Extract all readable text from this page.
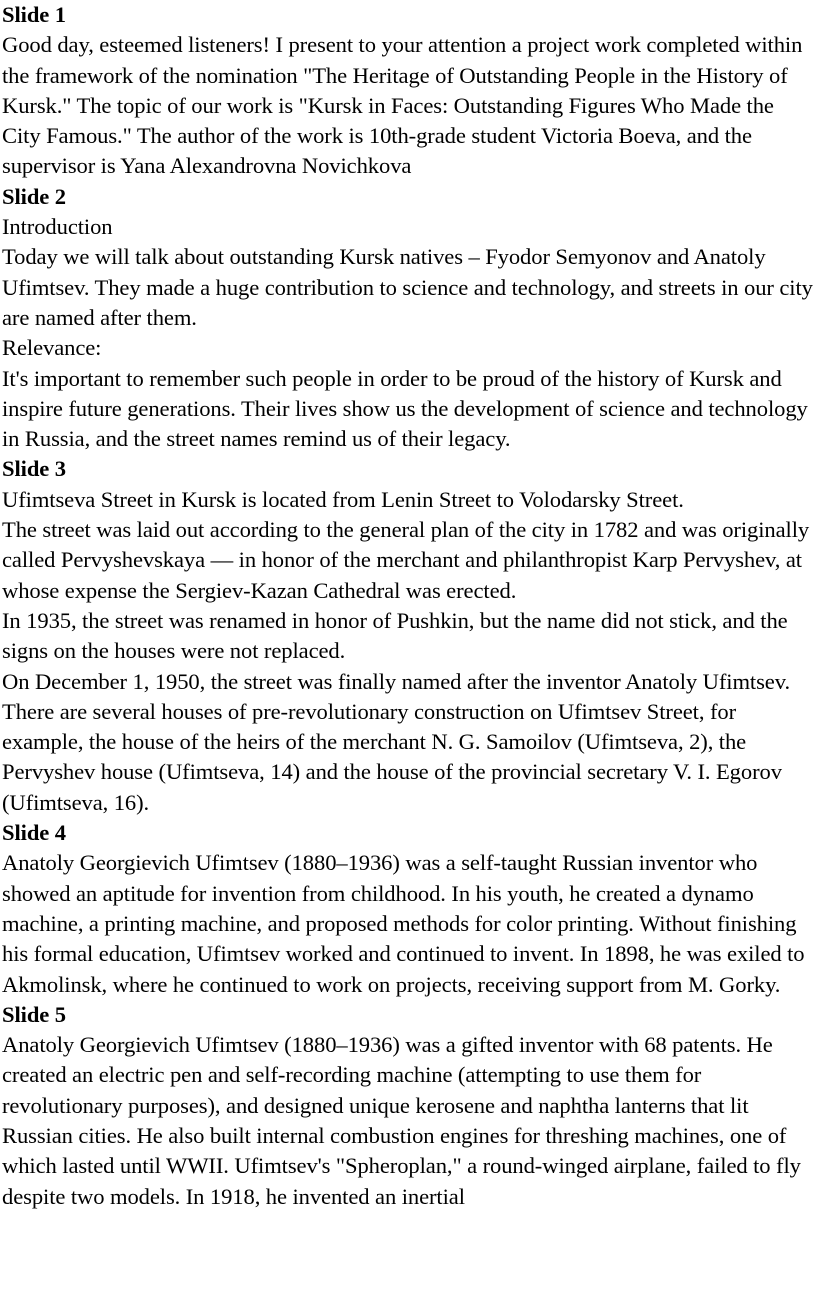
Slide 1

Good day, esteemed listeners! I present to your attention a project work completed within the framework of the nomination "The Heritage of Outstanding People in the History of Kursk." The topic of our work is "Kursk in Faces: Outstanding Figures Who Made the City Famous." The author of the work is 10th-grade student Victoria Boeva, and the supervisor is Yana Alexandrovna Novichkova

Slide 2

Introduction

Today we will talk about outstanding Kursk natives – Fyodor Semyonov and Anatoly Ufimtsev. They made a huge contribution to science and technology, and streets in our city are named after them.

Relevance:

It's important to remember such people in order to be proud of the history of Kursk and inspire future generations. Their lives show us the development of science and technology in Russia, and the street names remind us of their legacy.

Slide 3

Ufimtseva Street in Kursk is located from Lenin Street to Volodarsky Street.

The street was laid out according to the general plan of the city in 1782 and was originally called Pervyshevskaya — in honor of the merchant and philanthropist Karp Pervyshev, at whose expense the Sergiev-Kazan Cathedral was erected.

In 1935, the street was renamed in honor of Pushkin, but the name did not stick, and the signs on the houses were not replaced.

On December 1, 1950, the street was finally named after the inventor Anatoly Ufimtsev.

There are several houses of pre-revolutionary construction on Ufimtsev Street, for example, the house of the heirs of the merchant N. G. Samoilov (Ufimtseva, 2), the Pervyshev house (Ufimtseva, 14) and the house of the provincial secretary V. I. Egorov (Ufimtseva, 16).

Slide 4

Anatoly Georgievich Ufimtsev (1880–1936) was a self-taught Russian inventor who showed an aptitude for invention from childhood. In his youth, he created a dynamo machine, a printing machine, and proposed methods for color printing. Without finishing his formal education, Ufimtsev worked and continued to invent. In 1898, he was exiled to Akmolinsk, where he continued to work on projects, receiving support from M. Gorky.

Slide 5

Anatoly Georgievich Ufimtsev (1880–1936) was a gifted inventor with 68 patents. He created an electric pen and self-recording machine (attempting to use them for revolutionary purposes), and designed unique kerosene and naphtha lanterns that lit Russian cities. He also built internal combustion engines for threshing machines, one of which lasted until WWII. Ufimtsev's "Spheroplan," a round-winged airplane, failed to fly despite two models. In 1918, he invented an inertial
